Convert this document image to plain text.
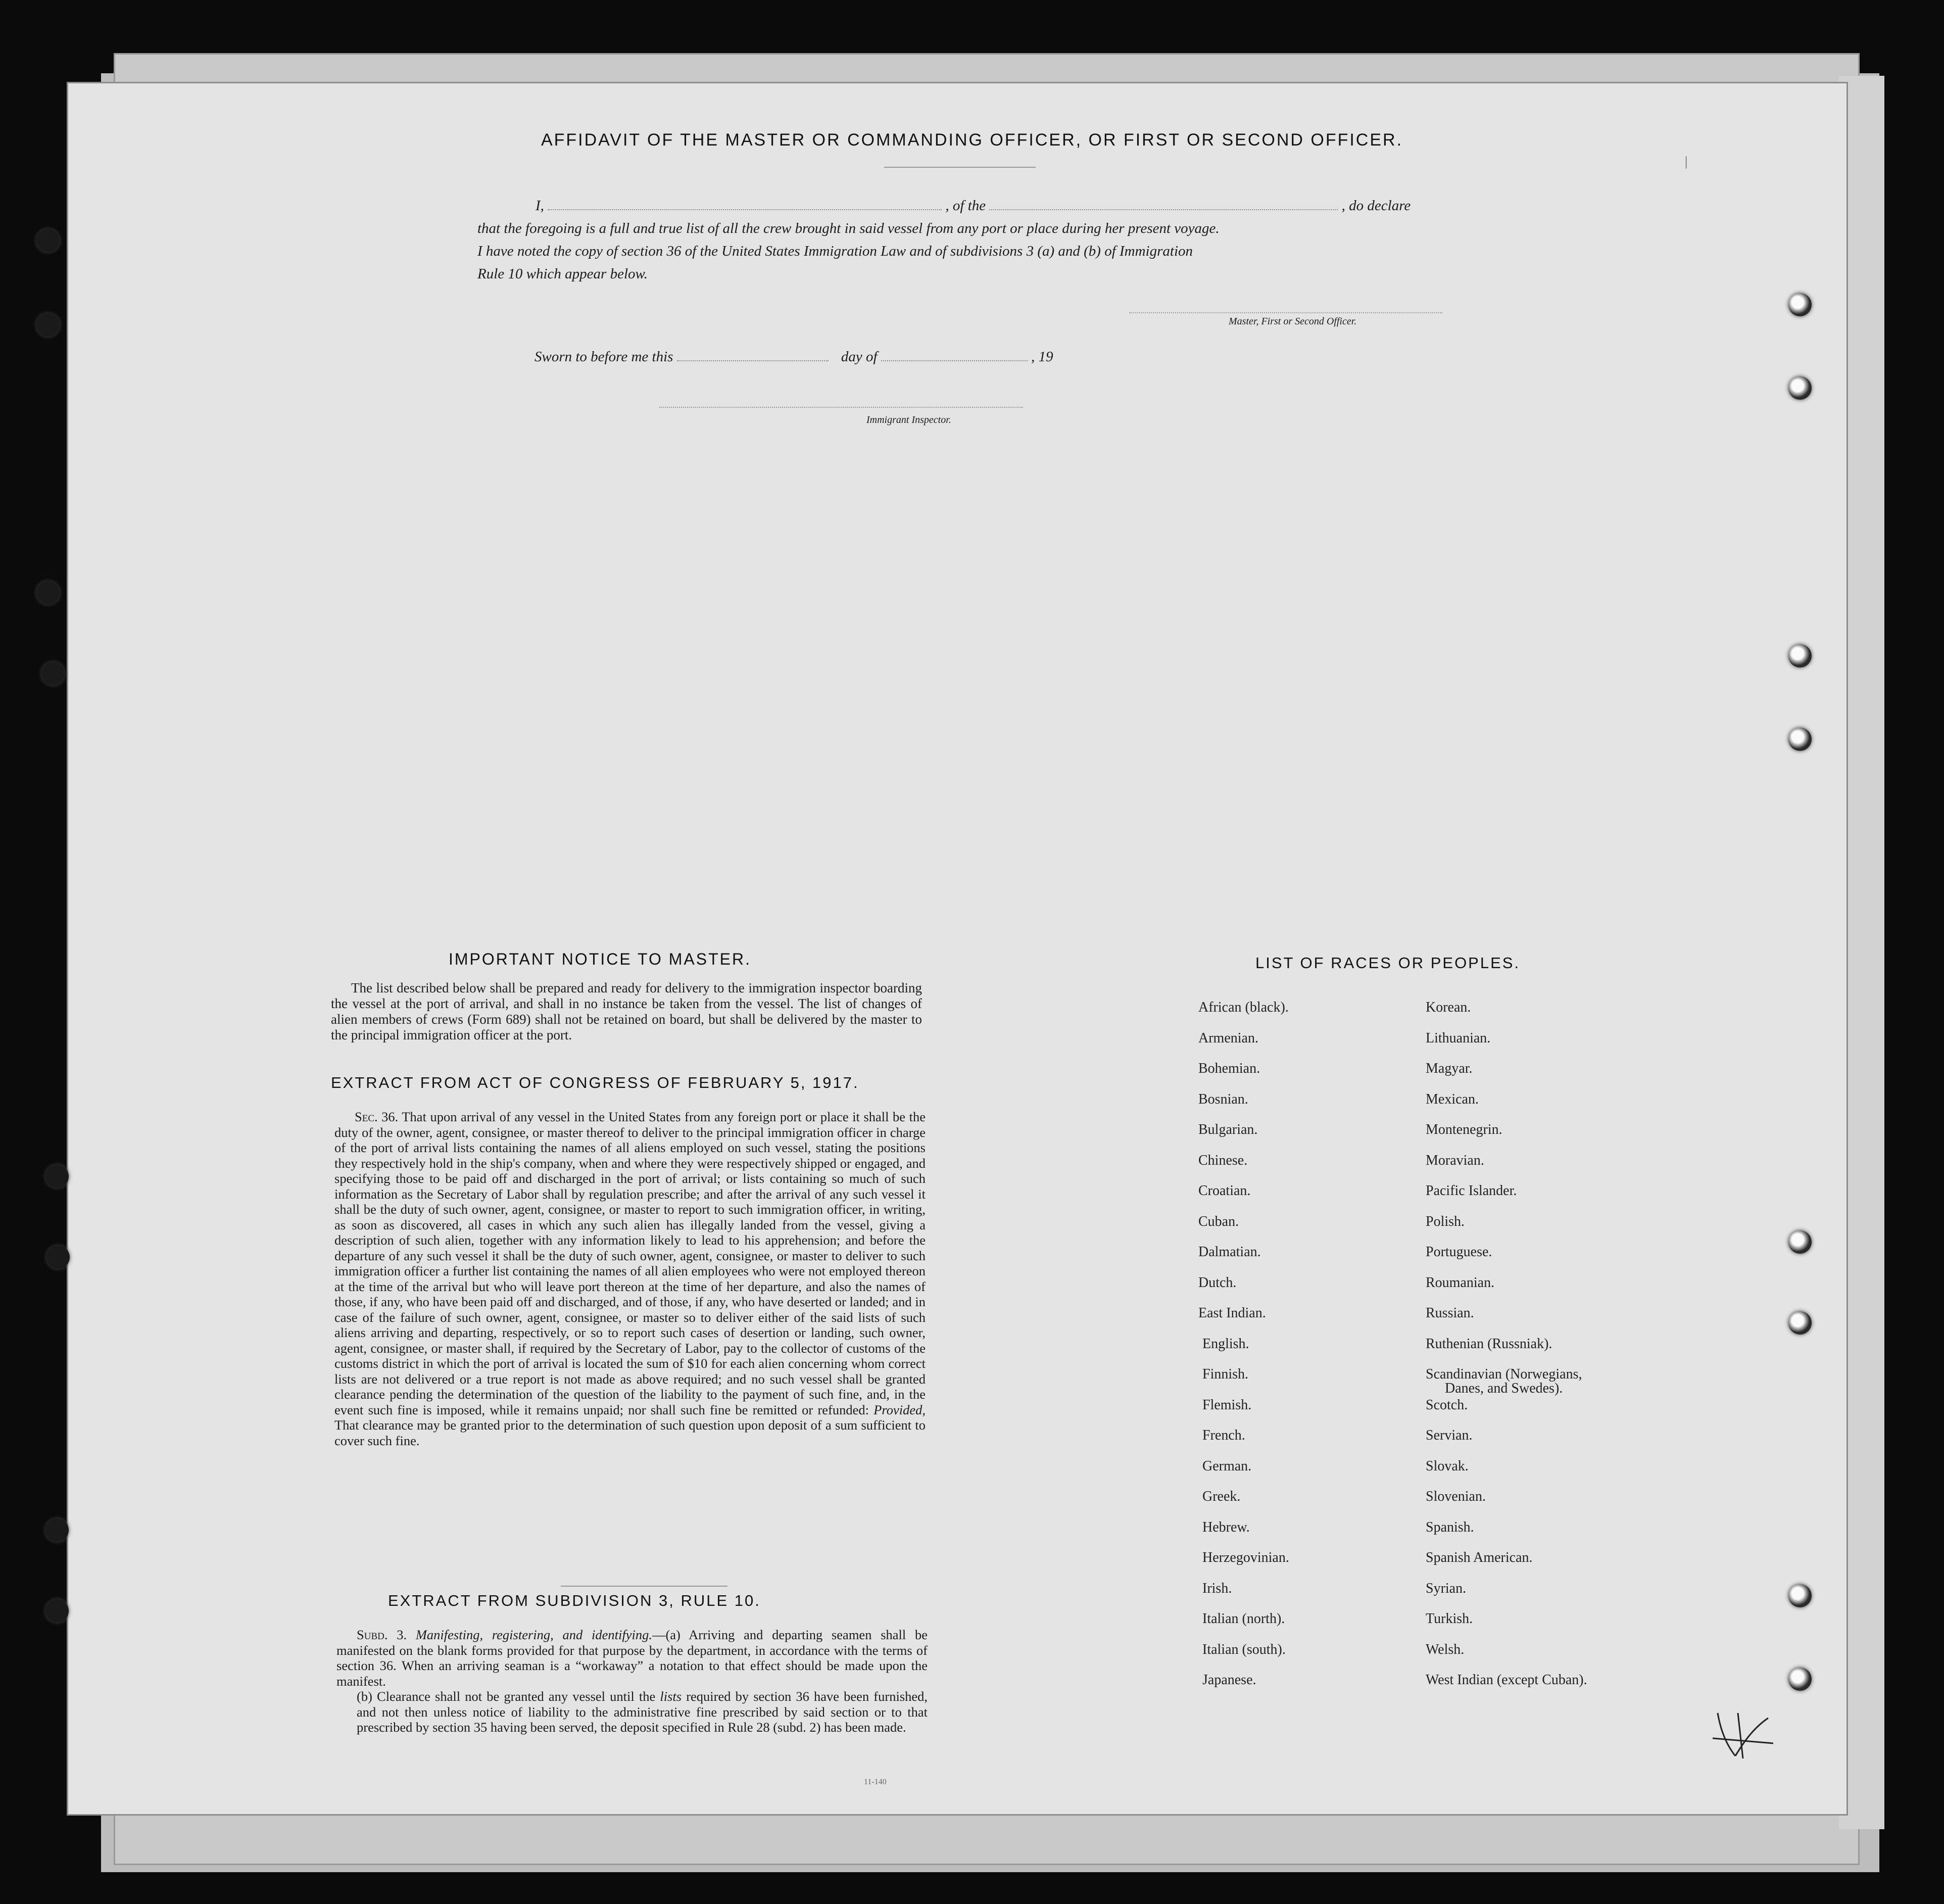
AFFIDAVIT OF THE MASTER OR COMMANDING OFFICER, OR FIRST OR SECOND OFFICER.
I,	, of the	, do declare
that the foregoing is a full and true list of all the crew brought in said vessel from any port or place during her present voyage.
I have noted the copy of section 36 of the United States Immigration Law and of subdivisions 3 (a) and (b) of Immigration
Rule 10 which appear below.
Master, First or Second Officer.
Sworn to before me this	day of	, 19
Immigrant Inspector.
|
IMPORTANT NOTICE TO MASTER.
The list described below shall be prepared and ready for delivery to the immigration inspector boarding the vessel at the port of arrival, and shall in no instance be taken from the vessel. The list of changes of alien members of crews (Form 689) shall not be retained on board, but shall be delivered by the master to the principal immigration officer at the port.
EXTRACT FROM ACT OF CONGRESS OF FEBRUARY 5, 1917.
Sec. 36. That upon arrival of any vessel in the United States from any foreign port or place it shall be the duty of the owner, agent, consignee, or master thereof to deliver to the principal immigration officer in charge of the port of arrival lists containing the names of all aliens employed on such vessel, stating the positions they respectively hold in the ship's company, when and where they were respectively shipped or engaged, and specifying those to be paid off and discharged in the port of arrival; or lists containing so much of such information as the Secretary of Labor shall by regulation prescribe; and after the arrival of any such vessel it shall be the duty of such owner, agent, consignee, or master to report to such immigration officer, in writing, as soon as discovered, all cases in which any such alien has illegally landed from the vessel, giving a description of such alien, together with any information likely to lead to his apprehension; and before the departure of any such vessel it shall be the duty of such owner, agent, consignee, or master to deliver to such immigration officer a further list containing the names of all alien employees who were not employed thereon at the time of the arrival but who will leave port thereon at the time of her departure, and also the names of those, if any, who have been paid off and discharged, and of those, if any, who have deserted or landed; and in case of the failure of such owner, agent, consignee, or master so to deliver either of the said lists of such aliens arriving and departing, respectively, or so to report such cases of desertion or landing, such owner, agent, consignee, or master shall, if required by the Secretary of Labor, pay to the collector of customs of the customs district in which the port of arrival is located the sum of $10 for each alien concerning whom correct lists are not delivered or a true report is not made as above required; and no such vessel shall be granted clearance pending the determination of the question of the liability to the payment of such fine, and, in the event such fine is imposed, while it remains unpaid; nor shall such fine be remitted or refunded: Provided, That clearance may be granted prior to the determination of such question upon deposit of a sum sufficient to cover such fine.
EXTRACT FROM SUBDIVISION 3, RULE 10.
Subd. 3. Manifesting, registering, and identifying.—(a) Arriving and departing seamen shall be manifested on the blank forms provided for that purpose by the department, in accordance with the terms of section 36. When an arriving seaman is a “workaway” a notation to that effect should be made upon the manifest.
(b) Clearance shall not be granted any vessel until the lists required by section 36 have been furnished, and not then unless notice of liability to the administrative fine prescribed by said section or to that prescribed by section 35 having been served, the deposit specified in Rule 28 (subd. 2) has been made.
11-140
LIST OF RACES OR PEOPLES.
African (black).
Armenian.
Bohemian.
Bosnian.
Bulgarian.
Chinese.
Croatian.
Cuban.
Dalmatian.
Dutch.
East Indian.
English.
Finnish.
Flemish.
French.
German.
Greek.
Hebrew.
Herzegovinian.
Irish.
Italian (north).
Italian (south).
Japanese.
Korean.
Lithuanian.
Magyar.
Mexican.
Montenegrin.
Moravian.
Pacific Islander.
Polish.
Portuguese.
Roumanian.
Russian.
Ruthenian (Russniak).
Scandinavian (Norwegians,
Danes, and Swedes).
Scotch.
Servian.
Slovak.
Slovenian.
Spanish.
Spanish American.
Syrian.
Turkish.
Welsh.
West Indian (except Cuban).
